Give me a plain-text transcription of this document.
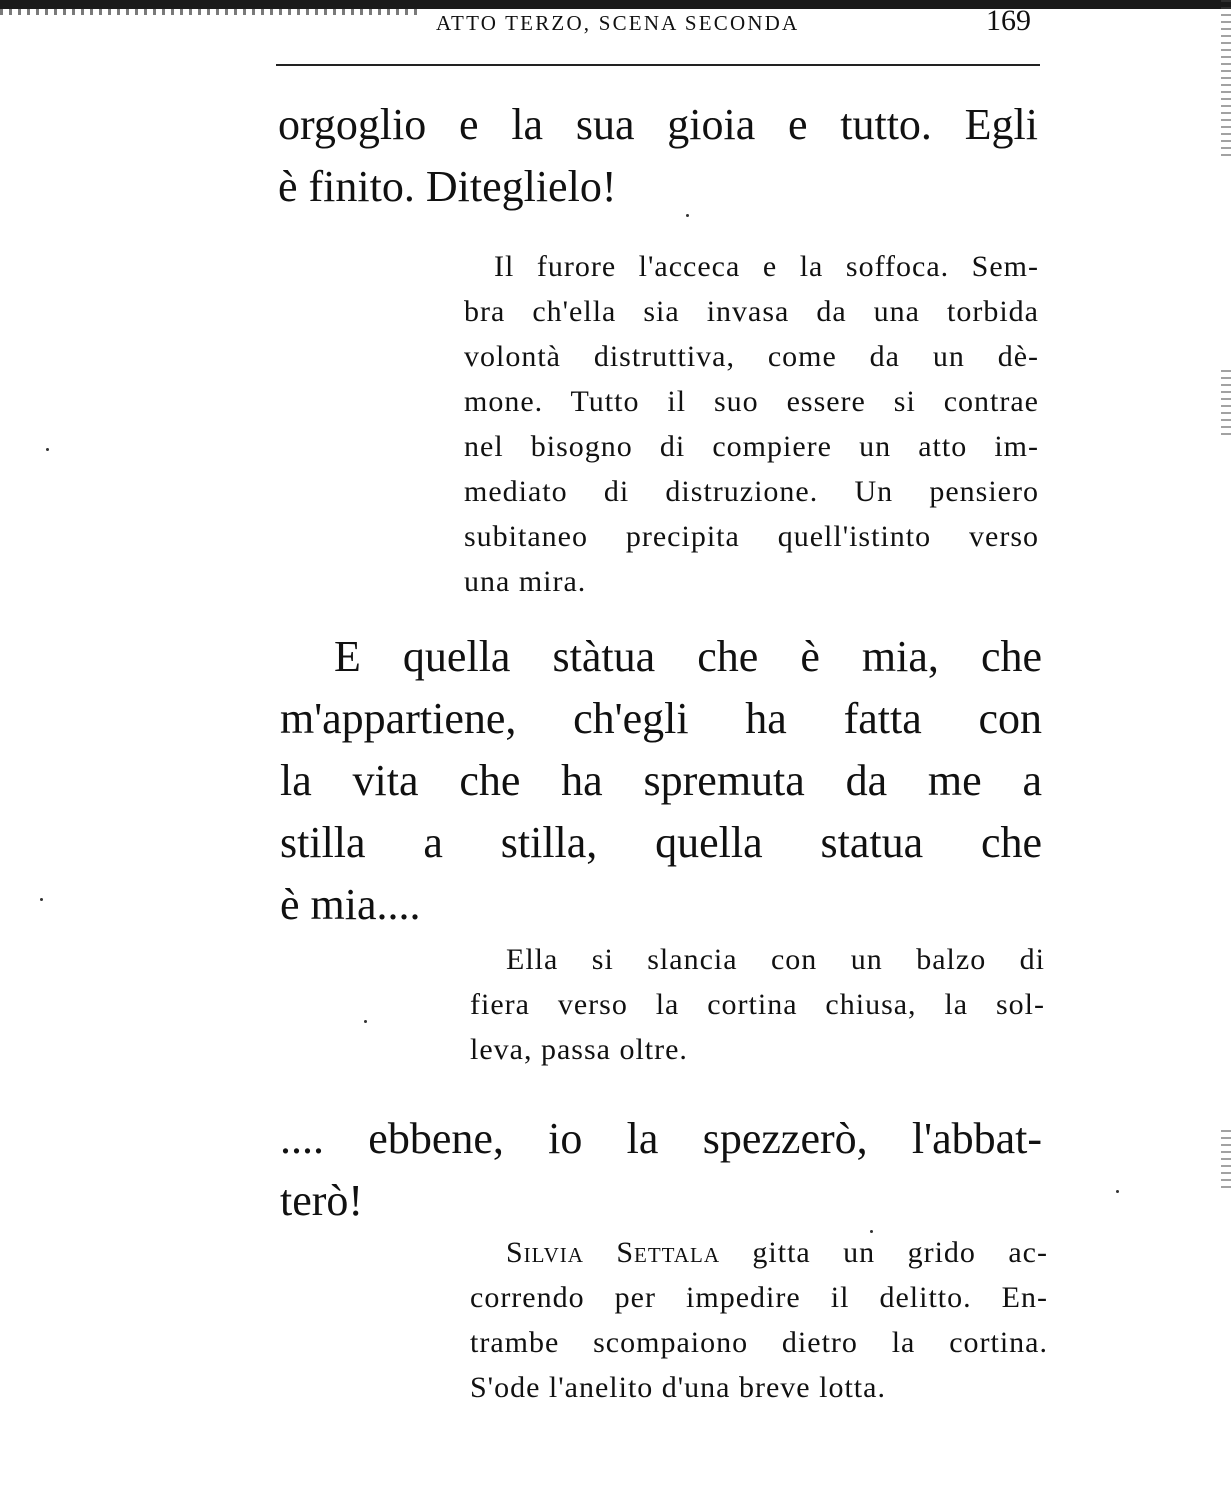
ATTO TERZO, SCENA SECONDA	169
orgoglio e la sua gioia e tutto. Egli
è finito. Diteglielo!
Il furore l'acceca e la soffoca. Sem-
bra ch'ella sia invasa da una torbida
volontà distruttiva, come da un dè-
mone. Tutto il suo essere si contrae
nel bisogno di compiere un atto im-
mediato di distruzione. Un pensiero
subitaneo precipita quell'istinto verso
una mira.
E quella stàtua che è mia, che
m'appartiene, ch'egli ha fatta con
la vita che ha spremuta da me a
stilla a stilla, quella statua che
è mia....
Ella si slancia con un balzo di
fiera verso la cortina chiusa, la sol-
leva, passa oltre.
.... ebbene, io la spezzerò, l'abbat-
terò!
Silvia Settala gitta un grido ac-
correndo per impedire il delitto. En-
trambe scompaiono dietro la cortina.
S'ode l'anelito d'una breve lotta.
